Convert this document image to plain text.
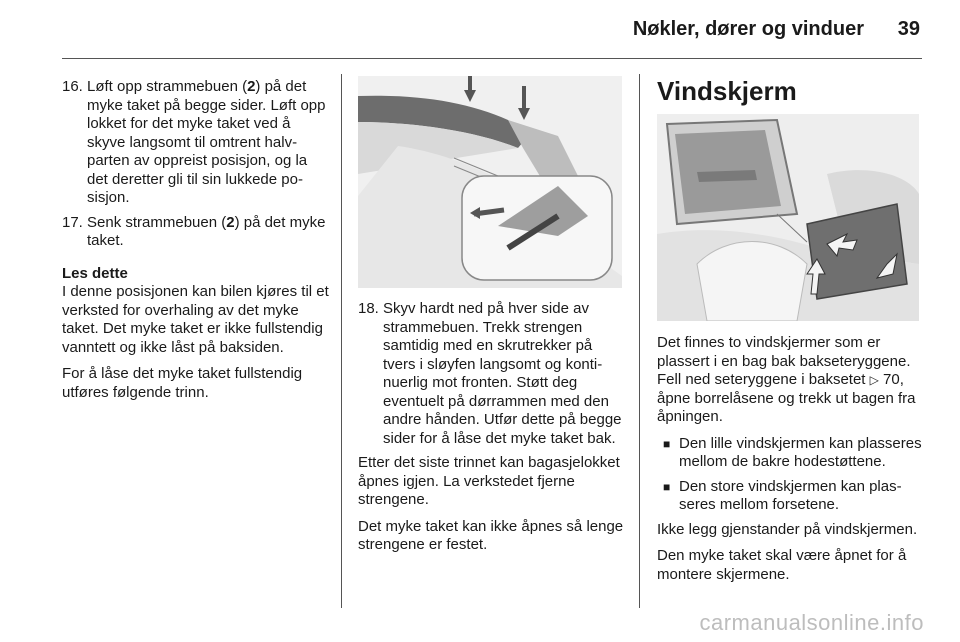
Nøkler, dører og vinduer 39
16. Løft opp strammebuen (2) på det myke taket på begge sider. Løft opp lokket for det myke taket ved å skyve langsomt til omtrent halvparten av oppreist posisjon, og la det deretter gli til sin lukkede posisjon.
17. Senk strammebuen (2) på det myke taket.
Les dette
I denne posisjonen kan bilen kjøres til et verksted for overhaling av det myke taket. Det myke taket er ikke fullstendig vanntett og ikke låst på baksiden.
For å låse det myke taket fullstendig utføres følgende trinn.
18. Skyv hardt ned på hver side av strammebuen. Trekk strengen samtidig med en skrutrekker på tvers i sløyfen langsomt og kontinuerlig mot fronten. Støtt deg eventuelt på dørrammen med den andre hånden. Utfør dette på begge sider for å låse det myke taket bak.
Etter det siste trinnet kan bagasjelokket åpnes igjen. La verkstedet fjerne strengene.
Det myke taket kan ikke åpnes så lenge strengene er festet.
Vindskjerm
Det finnes to vindskjermer som er plassert i en bag bak bakseteryggene. Fell ned seteryggene i baksetet ▷ 70, åpne borrelåsene og trekk ut bagen fra åpningen.
■ Den lille vindskjermen kan plasseres mellom de bakre hodestøttene.
■ Den store vindskjermen kan plasseres mellom forsetene.
Ikke legg gjenstander på vindskjermen.
Den myke taket skal være åpnet for å montere skjermene.
carmanualsonline.info
